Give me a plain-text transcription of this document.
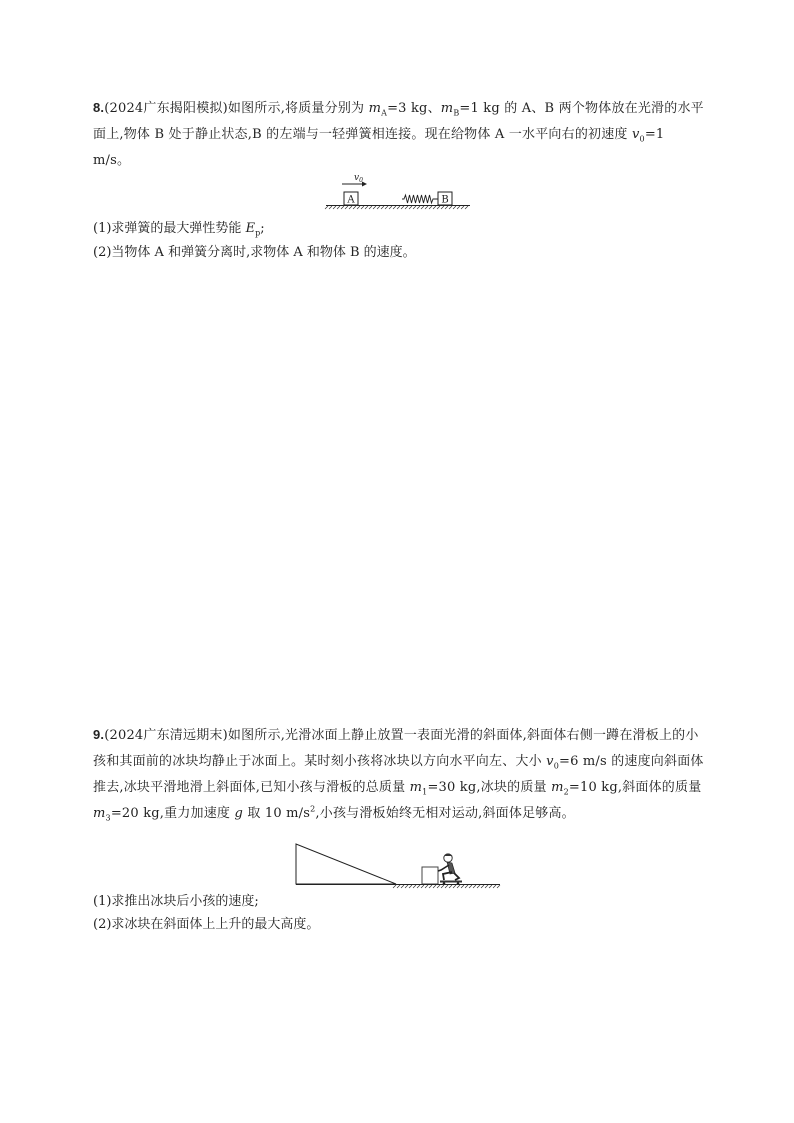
8.(2024广东揭阳模拟)如图所示,将质量分别为 $m_A=3$ kg、$m_B=1$ kg 的 A、B 两个物体放在光滑的水平面上,物体 B 处于静止状态,B 的左端与一轻弹簧相连接。现在给物体 A 一水平向右的初速度 $v_0=1$ m/s。
$v_0$
A	B
(1)求弹簧的最大弹性势能 $E_p$;
(2)当物体 A 和弹簧分离时,求物体 A 和物体 B 的速度。
9.(2024广东清远期末)如图所示,光滑冰面上静止放置一表面光滑的斜面体,斜面体右侧一蹲在滑板上的小孩和其面前的冰块均静止于冰面上。某时刻小孩将冰块以方向水平向左、大小 $v_0=6$ m/s 的速度向斜面体推去,冰块平滑地滑上斜面体,已知小孩与滑板的总质量 $m_1=30$ kg,冰块的质量 $m_2=10$ kg,斜面体的质量 $m_3=20$ kg,重力加速度 g 取 10 $m/s^2$,小孩与滑板始终无相对运动,斜面体足够高。
(1)求推出冰块后小孩的速度;
(2)求冰块在斜面体上上升的最大高度。
